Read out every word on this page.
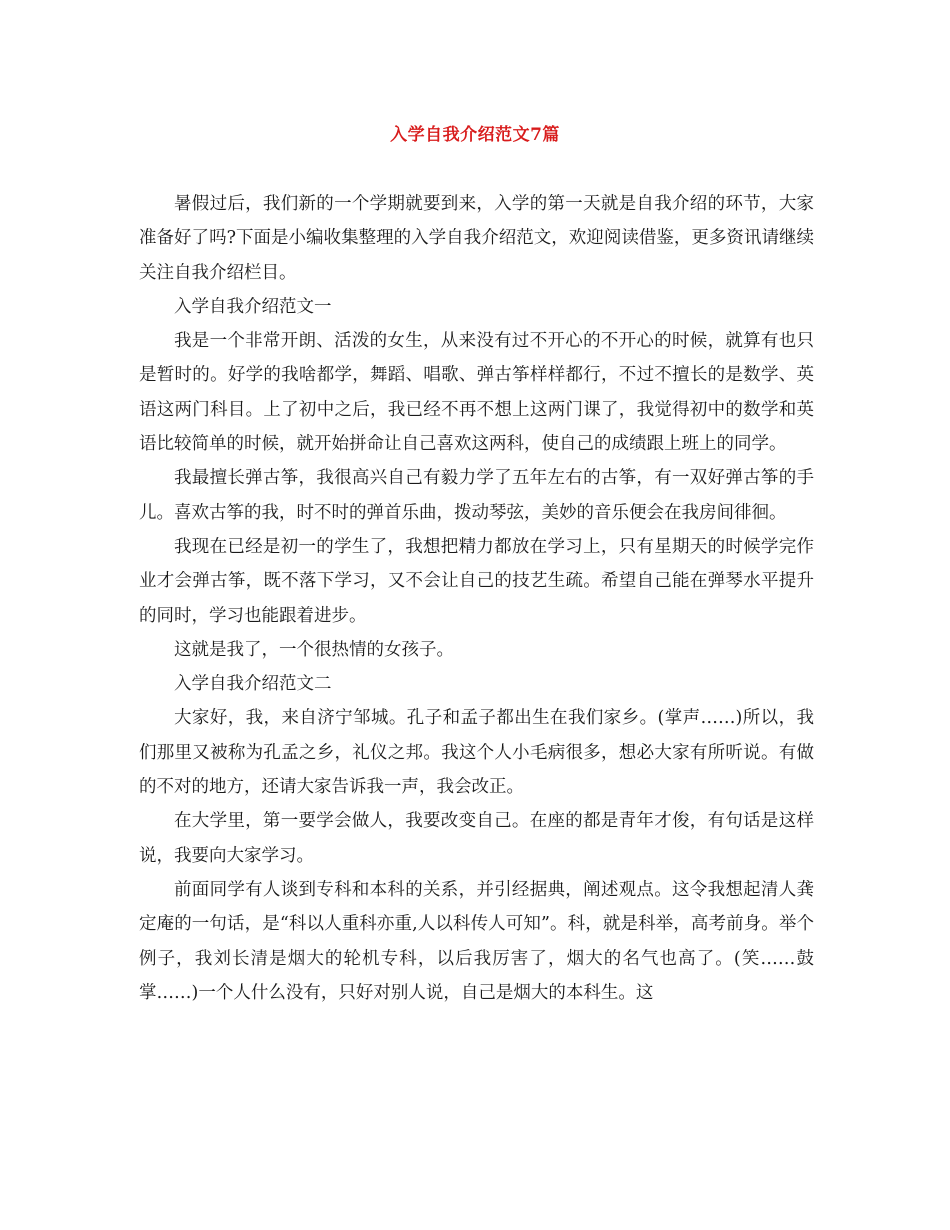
入学自我介绍范文7篇

暑假过后，我们新的一个学期就要到来，入学的第一天就是自我介绍的环节，大家准备好了吗?下面是小编收集整理的入学自我介绍范文，欢迎阅读借鉴，更多资讯请继续关注自我介绍栏目。

入学自我介绍范文一

我是一个非常开朗、活泼的女生，从来没有过不开心的不开心的时候，就算有也只是暂时的。好学的我啥都学，舞蹈、唱歌、弹古筝样样都行，不过不擅长的是数学、英语这两门科目。上了初中之后，我已经不再不想上这两门课了，我觉得初中的数学和英语比较简单的时候，就开始拼命让自己喜欢这两科，使自己的成绩跟上班上的同学。

我最擅长弹古筝，我很高兴自己有毅力学了五年左右的古筝，有一双好弹古筝的手儿。喜欢古筝的我，时不时的弹首乐曲，拨动琴弦，美妙的音乐便会在我房间徘徊。

我现在已经是初一的学生了，我想把精力都放在学习上，只有星期天的时候学完作业才会弹古筝，既不落下学习，又不会让自己的技艺生疏。希望自己能在弹琴水平提升的同时，学习也能跟着进步。

这就是我了，一个很热情的女孩子。

入学自我介绍范文二

大家好，我，来自济宁邹城。孔子和孟子都出生在我们家乡。(掌声……)所以，我们那里又被称为孔孟之乡，礼仪之邦。我这个人小毛病很多，想必大家有所听说。有做的不对的地方，还请大家告诉我一声，我会改正。

在大学里，第一要学会做人，我要改变自己。在座的都是青年才俊，有句话是这样说，我要向大家学习。

前面同学有人谈到专科和本科的关系，并引经据典，阐述观点。这令我想起清人龚定庵的一句话，是“科以人重科亦重,人以科传人可知”。科，就是科举，高考前身。举个例子，我刘长清是烟大的轮机专科，以后我厉害了，烟大的名气也高了。(笑……鼓掌……)一个人什么没有，只好对别人说，自己是烟大的本科生。这
